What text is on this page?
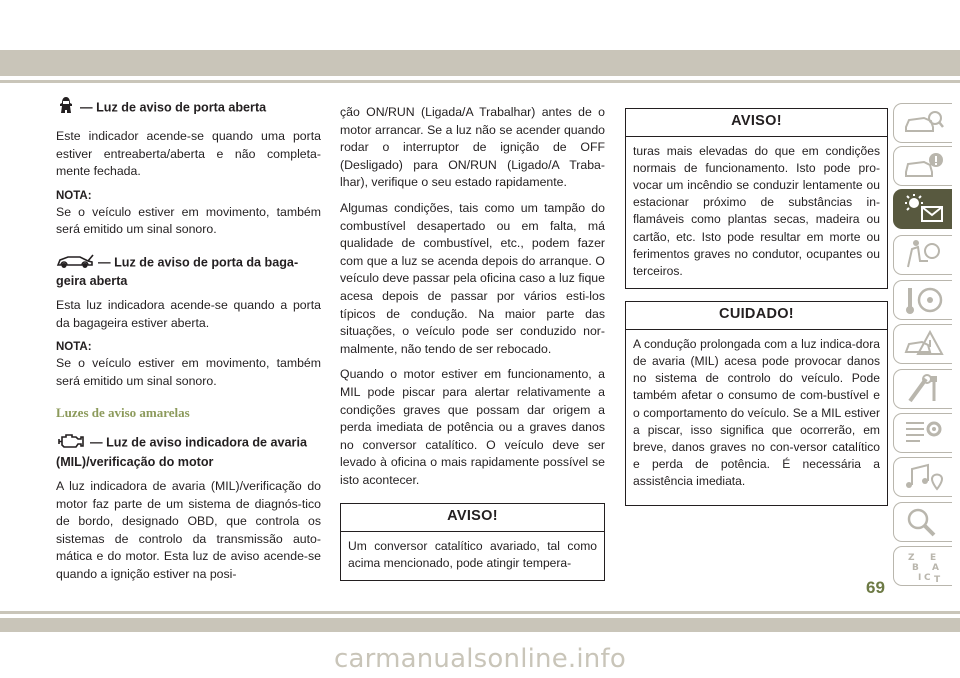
— Luz de aviso de porta aberta

Este indicador acende-se quando uma porta estiver entreaberta/aberta e não completa-mente fechada.

NOTA:

Se o veículo estiver em movimento, também será emitido um sinal sonoro.

— Luz de aviso de porta da baga-geira aberta

Esta luz indicadora acende-se quando a porta da bagageira estiver aberta.

NOTA:

Se o veículo estiver em movimento, também será emitido um sinal sonoro.

Luzes de aviso amarelas
— Luz de aviso indicadora de avaria (MIL)/verificação do motor

A luz indicadora de avaria (MIL)/verificação do motor faz parte de um sistema de diagnós-tico de bordo, designado OBD, que controla os sistemas de controlo da transmissão auto-mática e do motor. Esta luz de aviso acende-se quando a ignição estiver na posi-

ção ON/RUN (Ligada/A Trabalhar) antes de o motor arrancar. Se a luz não se acender quando rodar o interruptor de ignição de OFF (Desligado) para ON/RUN (Ligado/A Traba-lhar), verifique o seu estado rapidamente.

Algumas condições, tais como um tampão do combustível desapertado ou em falta, má qualidade de combustível, etc., podem fazer com que a luz se acenda depois do arranque. O veículo deve passar pela oficina caso a luz fique acesa depois de passar por vários esti-los típicos de condução. Na maior parte das situações, o veículo pode ser conduzido nor-malmente, não tendo de ser rebocado.

Quando o motor estiver em funcionamento, a MIL pode piscar para alertar relativamente a condições graves que possam dar origem a perda imediata de potência ou a graves danos no conversor catalítico. O veículo deve ser levado à oficina o mais rapidamente possível se isto acontecer.

AVISO!
Um conversor catalítico avariado, tal como acima mencionado, pode atingir tempera-
AVISO!
turas mais elevadas do que em condições normais de funcionamento. Isto pode pro-vocar um incêndio se conduzir lentamente ou estacionar próximo de substâncias in-flamáveis como plantas secas, madeira ou cartão, etc. Isto pode resultar em morte ou ferimentos graves no condutor, ocupantes ou terceiros.
CUIDADO!
A condução prolongada com a luz indica-dora de avaria (MIL) acesa pode provocar danos no sistema de controlo do veículo. Pode também afetar o consumo de com-bustível e o comportamento do veículo. Se a MIL estiver a piscar, isso significa que ocorrerão, em breve, danos graves no con-versor catalítico e perda de potência. É necessária a assistência imediata.
Z E
B A
I C T
69
carmanualsonline.info
